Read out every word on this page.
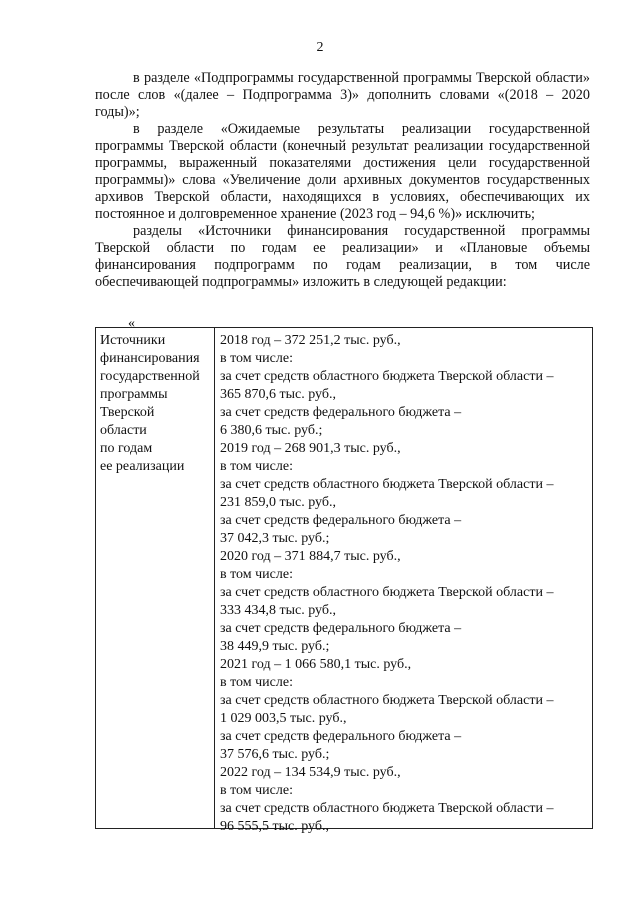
2

в разделе «Подпрограммы государственной программы Тверской области» после слов «(далее – Подпрограмма 3)» дополнить словами «(2018 – 2020 годы)»;

в разделе «Ожидаемые результаты реализации государственной программы Тверской области (конечный результат реализации государственной программы, выраженный показателями достижения цели государственной программы)» слова «Увеличение доли архивных документов государственных архивов Тверской области, находящихся в условиях, обеспечивающих их постоянное и долговременное хранение (2023 год – 94,6 %)» исключить;

разделы «Источники финансирования государственной программы Тверской области по годам ее реализации» и «Плановые объемы финансирования подпрограмм по годам реализации, в том числе обеспечивающей подпрограммы» изложить в следующей редакции:

«
Источники
финансирования
государственной
программы
Тверской
области
по годам
ее реализации
2018 год – 372 251,2 тыс. руб.,
в том числе:
за счет средств областного бюджета Тверской области –
365 870,6 тыс. руб.,
за счет средств федерального бюджета –
6 380,6 тыс. руб.;
2019 год – 268 901,3 тыс. руб.,
в том числе:
за счет средств областного бюджета Тверской области –
231 859,0 тыс. руб.,
за счет средств федерального бюджета –
37 042,3 тыс. руб.;
2020 год – 371 884,7 тыс. руб.,
в том числе:
за счет средств областного бюджета Тверской области –
333 434,8 тыс. руб.,
за счет средств федерального бюджета –
38 449,9 тыс. руб.;
2021 год – 1 066 580,1 тыс. руб.,
в том числе:
за счет средств областного бюджета Тверской области –
1 029 003,5 тыс. руб.,
за счет средств федерального бюджета –
37 576,6 тыс. руб.;
2022 год – 134 534,9 тыс. руб.,
в том числе:
за счет средств областного бюджета Тверской области –
96 555,5 тыс. руб.,
